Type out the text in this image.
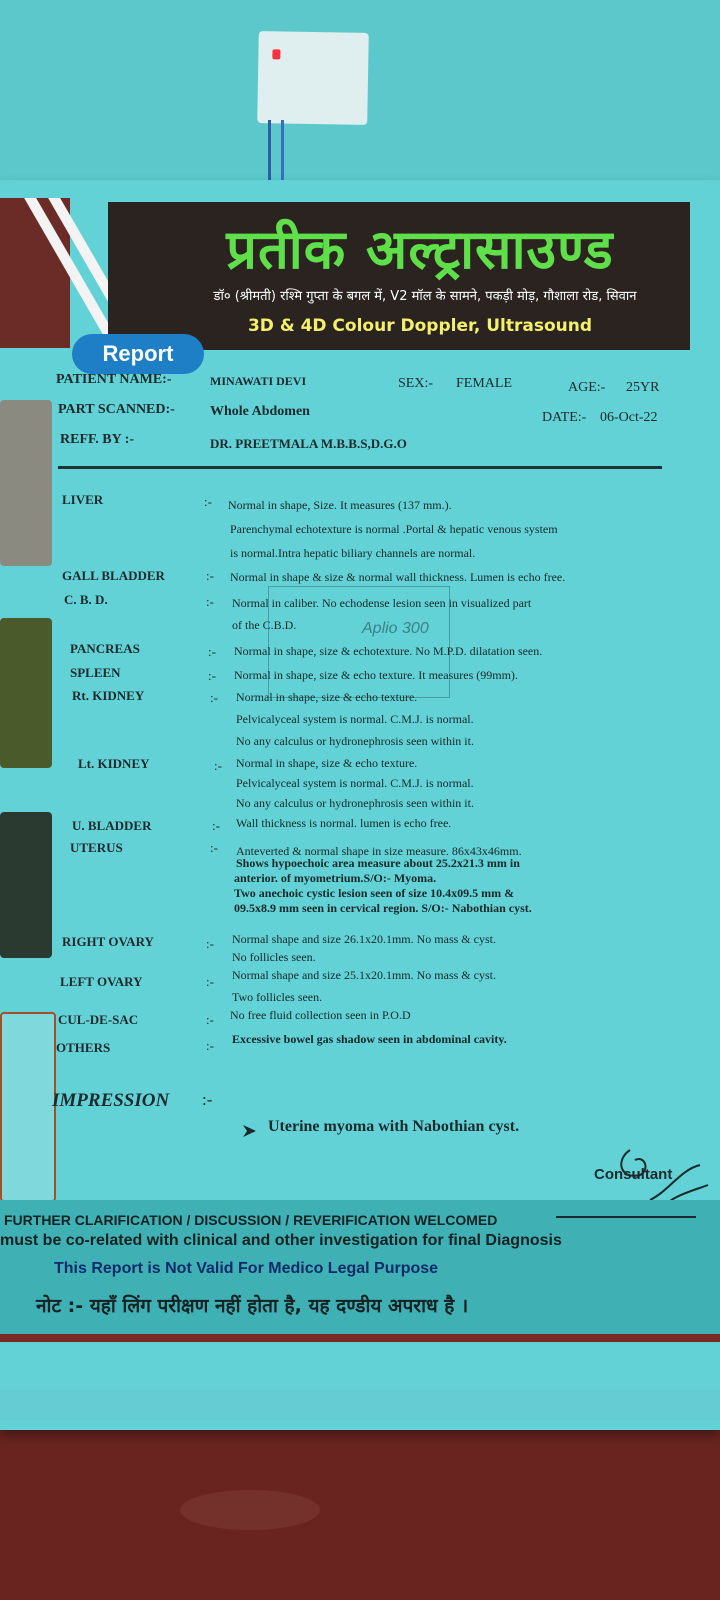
प्रतीक अल्ट्रासाउण्ड
डॉ० (श्रीमती) रश्मि गुप्ता के बगल में, V2 मॉल के सामने, पकड़ी मोड़, गौशाला रोड, सिवान
3D & 4D Colour Doppler, Ultrasound
Report
PATIENT NAME:-	MINAWATI DEVI	SEX:- FEMALE	AGE:- 25YR
PART SCANNED:-	Whole Abdomen	DATE:- 06-Oct-22
REFF. BY :-	DR. PREETMALA M.B.B.S,D.G.O
LIVER	:- Normal in shape, Size. It measures (137 mm.).
Parenchymal echotexture is normal .Portal & hepatic venous system
is normal.Intra hepatic biliary channels are normal.
GALL BLADDER	:- Normal in shape & size & normal wall thickness. Lumen is echo free.
C. B. D.	:- Normal in caliber. No echodense lesion seen in visualized part
of the C.B.D.
PANCREAS	:- Normal in shape, size & echotexture. No M.P.D. dilatation seen.
SPLEEN	:- Normal in shape, size & echo texture. It measures (99mm).
Rt. KIDNEY	:- Normal in shape, size & echo texture.
Pelvicalyceal system is normal. C.M.J. is normal.
No any calculus or hydronephrosis seen within it.
Lt. KIDNEY	:- Normal in shape, size & echo texture.
Pelvicalyceal system is normal. C.M.J. is normal.
No any calculus or hydronephrosis seen within it.
U. BLADDER	:- Wall thickness is normal. lumen is echo free.
UTERUS	:- Anteverted & normal shape in size measure. 86x43x46mm.
Shows hypoechoic area measure about 25.2x21.3 mm in
anterior. of myometrium.S/O:- Myoma.
Two anechoic cystic lesion seen of size 10.4x09.5 mm &
09.5x8.9 mm seen in cervical region. S/O:- Nabothian cyst.
RIGHT OVARY	:- Normal shape and size 26.1x20.1mm. No mass & cyst.
No follicles seen.
LEFT OVARY	:- Normal shape and size 25.1x20.1mm. No mass & cyst.
Two follicles seen.
CUL-DE-SAC	:- No free fluid collection seen in P.O.D
OTHERS	:- Excessive bowel gas shadow seen in abdominal cavity.
Aplio 300
IMPRESSION :-
Uterine myoma with Nabothian cyst.
Consultant
FURTHER CLARIFICATION / DISCUSSION / REVERIFICATION WELCOMED
must be co-related with clinical and other investigation for final Diagnosis
This Report is Not Valid For Medico Legal Purpose
नोट :- यहाँ लिंग परीक्षण नहीं होता है, यह दण्डीय अपराध है ।
